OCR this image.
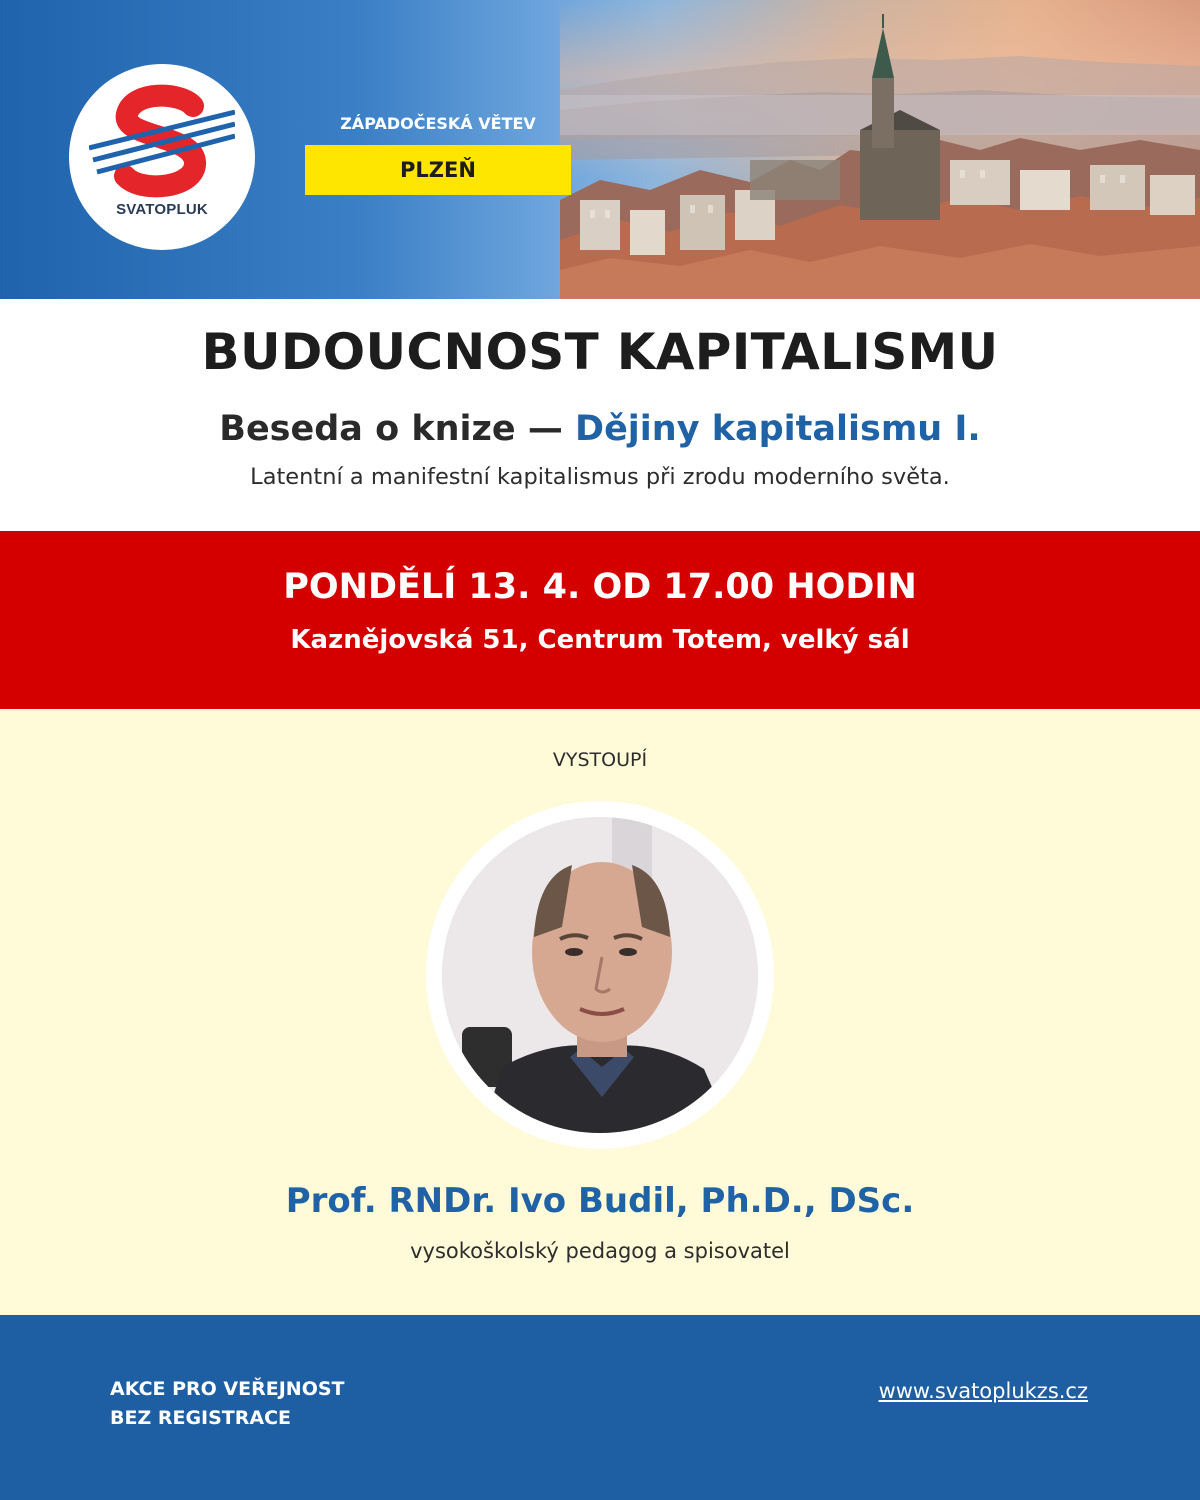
SVATOPLUK
ZÁPADOČESKÁ VĚTEV
PLZEŇ
BUDOUCNOST KAPITALISMU
Beseda o knize — Dějiny kapitalismu I.
Latentní a manifestní kapitalismus při zrodu moderního světa.
PONDĚLÍ 13. 4. OD 17.00 HODIN
Kaznějovská 51, Centrum Totem, velký sál
VYSTOUPÍ
Prof. RNDr. Ivo Budil, Ph.D., DSc.
vysokoškolský pedagog a spisovatel
AKCE PRO VEŘEJNOST
BEZ REGISTRACE
www.svatoplukzs.cz
